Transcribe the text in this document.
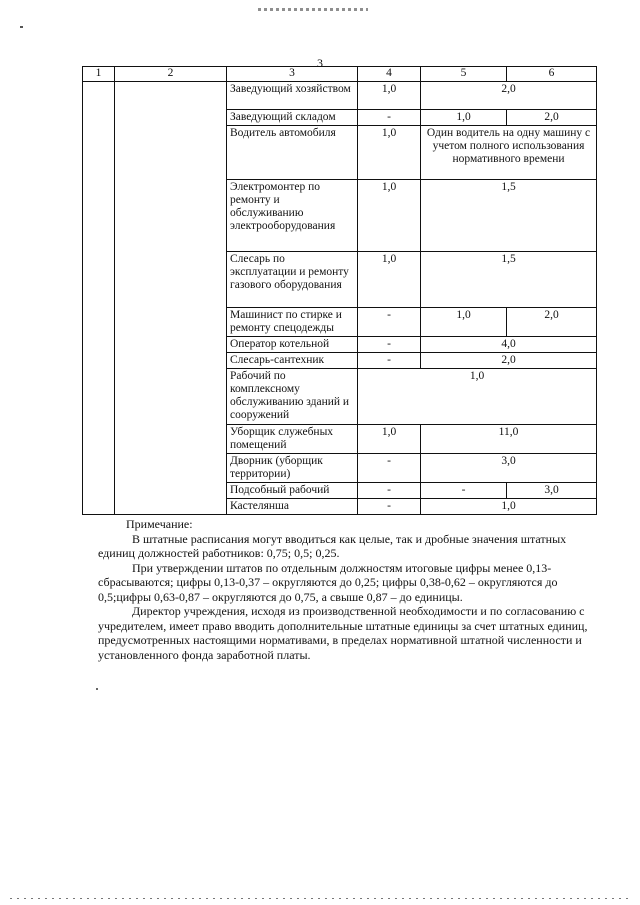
3
1	2	3	4	5	6
		Заведующий хозяйством	1,0	2,0	
		Заведующий складом	-	1,0	2,0
		Водитель автомобиля	1,0	Один водитель на одну машину с учетом полного использования нормативного времени	
		Электромонтер по ремонту и обслуживанию электрооборудования	1,0	1,5	
		Слесарь по эксплуатации и ремонту газового оборудования	1,0	1,5	
		Машинист по стирке и ремонту спецодежды	-	1,0	2,0
		Оператор котельной	-	4,0	
		Слесарь-сантехник	-	2,0	
		Рабочий по комплексному обслуживанию зданий и сооружений	1,0		
		Уборщик служебных помещений	1,0	11,0	
		Дворник (уборщик территории)	-	3,0	
		Подсобный рабочий	-	-	3,0
		Кастелянша	-	1,0	

Примечание:

В штатные расписания могут вводиться как целые, так и дробные значения штатных единиц должностей работников: 0,75; 0,5; 0,25.

При утверждении штатов по отдельным должностям итоговые цифры менее 0,13- сбрасываются; цифры 0,13-0,37 – округляются до 0,25; цифры 0,38-0,62 – округляются до 0,5;цифры 0,63-0,87 – округляются до 0,75, а свыше 0,87 – до единицы.

Директор учреждения, исходя из производственной необходимости и по согласованию с учредителем, имеет право вводить дополнительные штатные единицы за счет штатных единиц, предусмотренных настоящими нормативами, в пределах нормативной штатной численности и установленного фонда заработной платы.
